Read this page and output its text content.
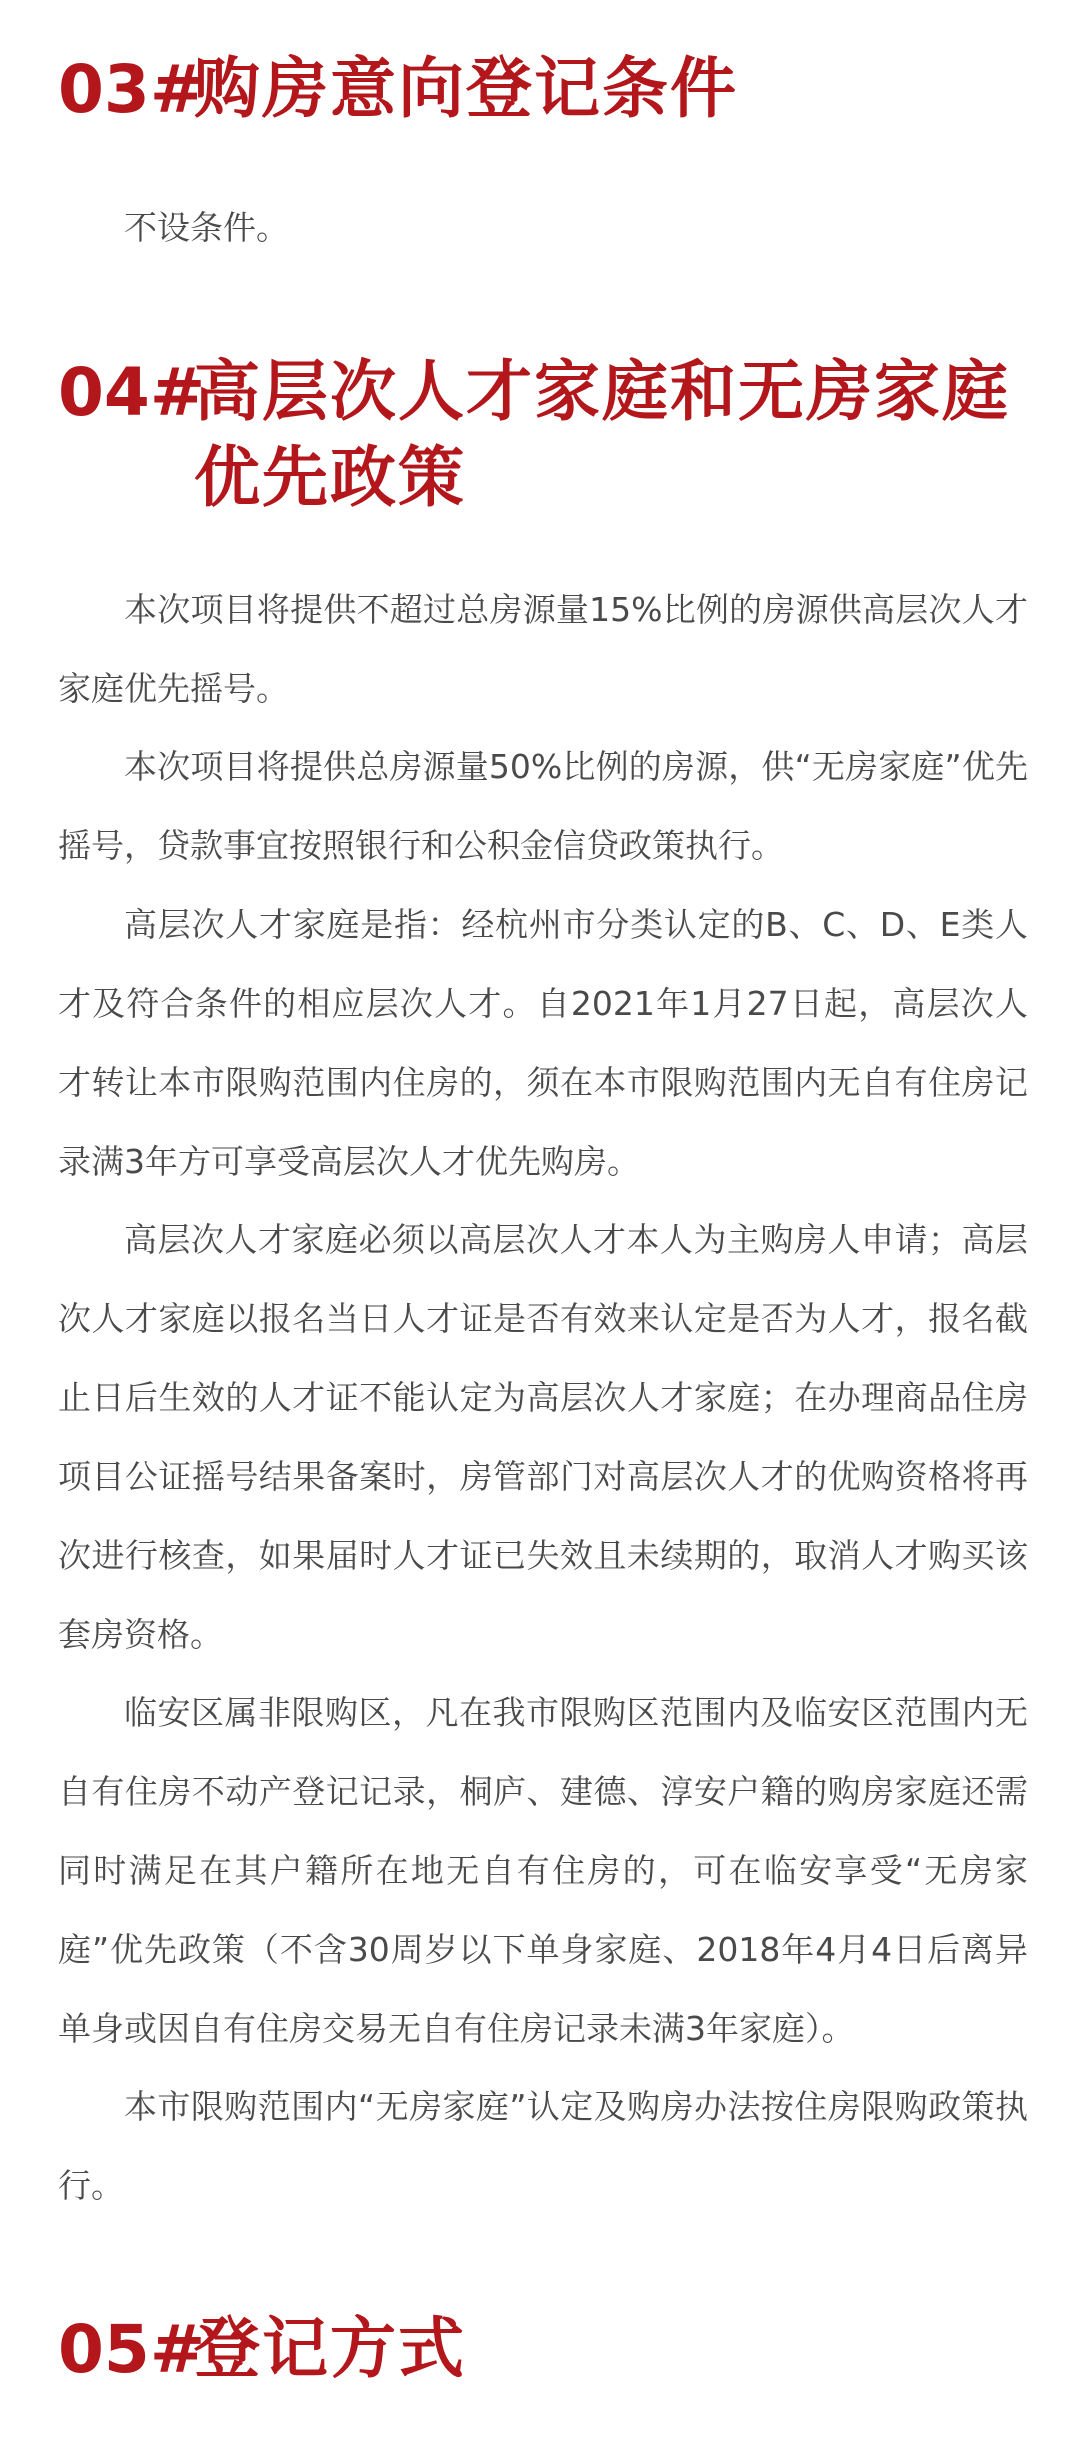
03#
购房意向登记条件

不设条件。

04#
高层次人才家庭和无房家庭
优先政策

本次项目将提供不超过总房源量15%比例的房源供高层次人才家庭优先摇号。

本次项目将提供总房源量50%比例的房源，供“无房家庭”优先摇号，贷款事宜按照银行和公积金信贷政策执行。

高层次人才家庭是指：经杭州市分类认定的B、C、D、E类人才及符合条件的相应层次人才。自2021年1月27日起，高层次人才转让本市限购范围内住房的，须在本市限购范围内无自有住房记录满3年方可享受高层次人才优先购房。

高层次人才家庭必须以高层次人才本人为主购房人申请；高层次人才家庭以报名当日人才证是否有效来认定是否为人才，报名截止日后生效的人才证不能认定为高层次人才家庭；在办理商品住房项目公证摇号结果备案时，房管部门对高层次人才的优购资格将再次进行核查，如果届时人才证已失效且未续期的，取消人才购买该套房资格。

临安区属非限购区，凡在我市限购区范围内及临安区范围内无自有住房不动产登记记录，桐庐、建德、淳安户籍的购房家庭还需同时满足在其户籍所在地无自有住房的，可在临安享受“无房家庭”优先政策（不含30周岁以下单身家庭、2018年4月4日后离异单身或因自有住房交易无自有住房记录未满3年家庭）。

本市限购范围内“无房家庭”认定及购房办法按住房限购政策执行。

05#
登记方式
